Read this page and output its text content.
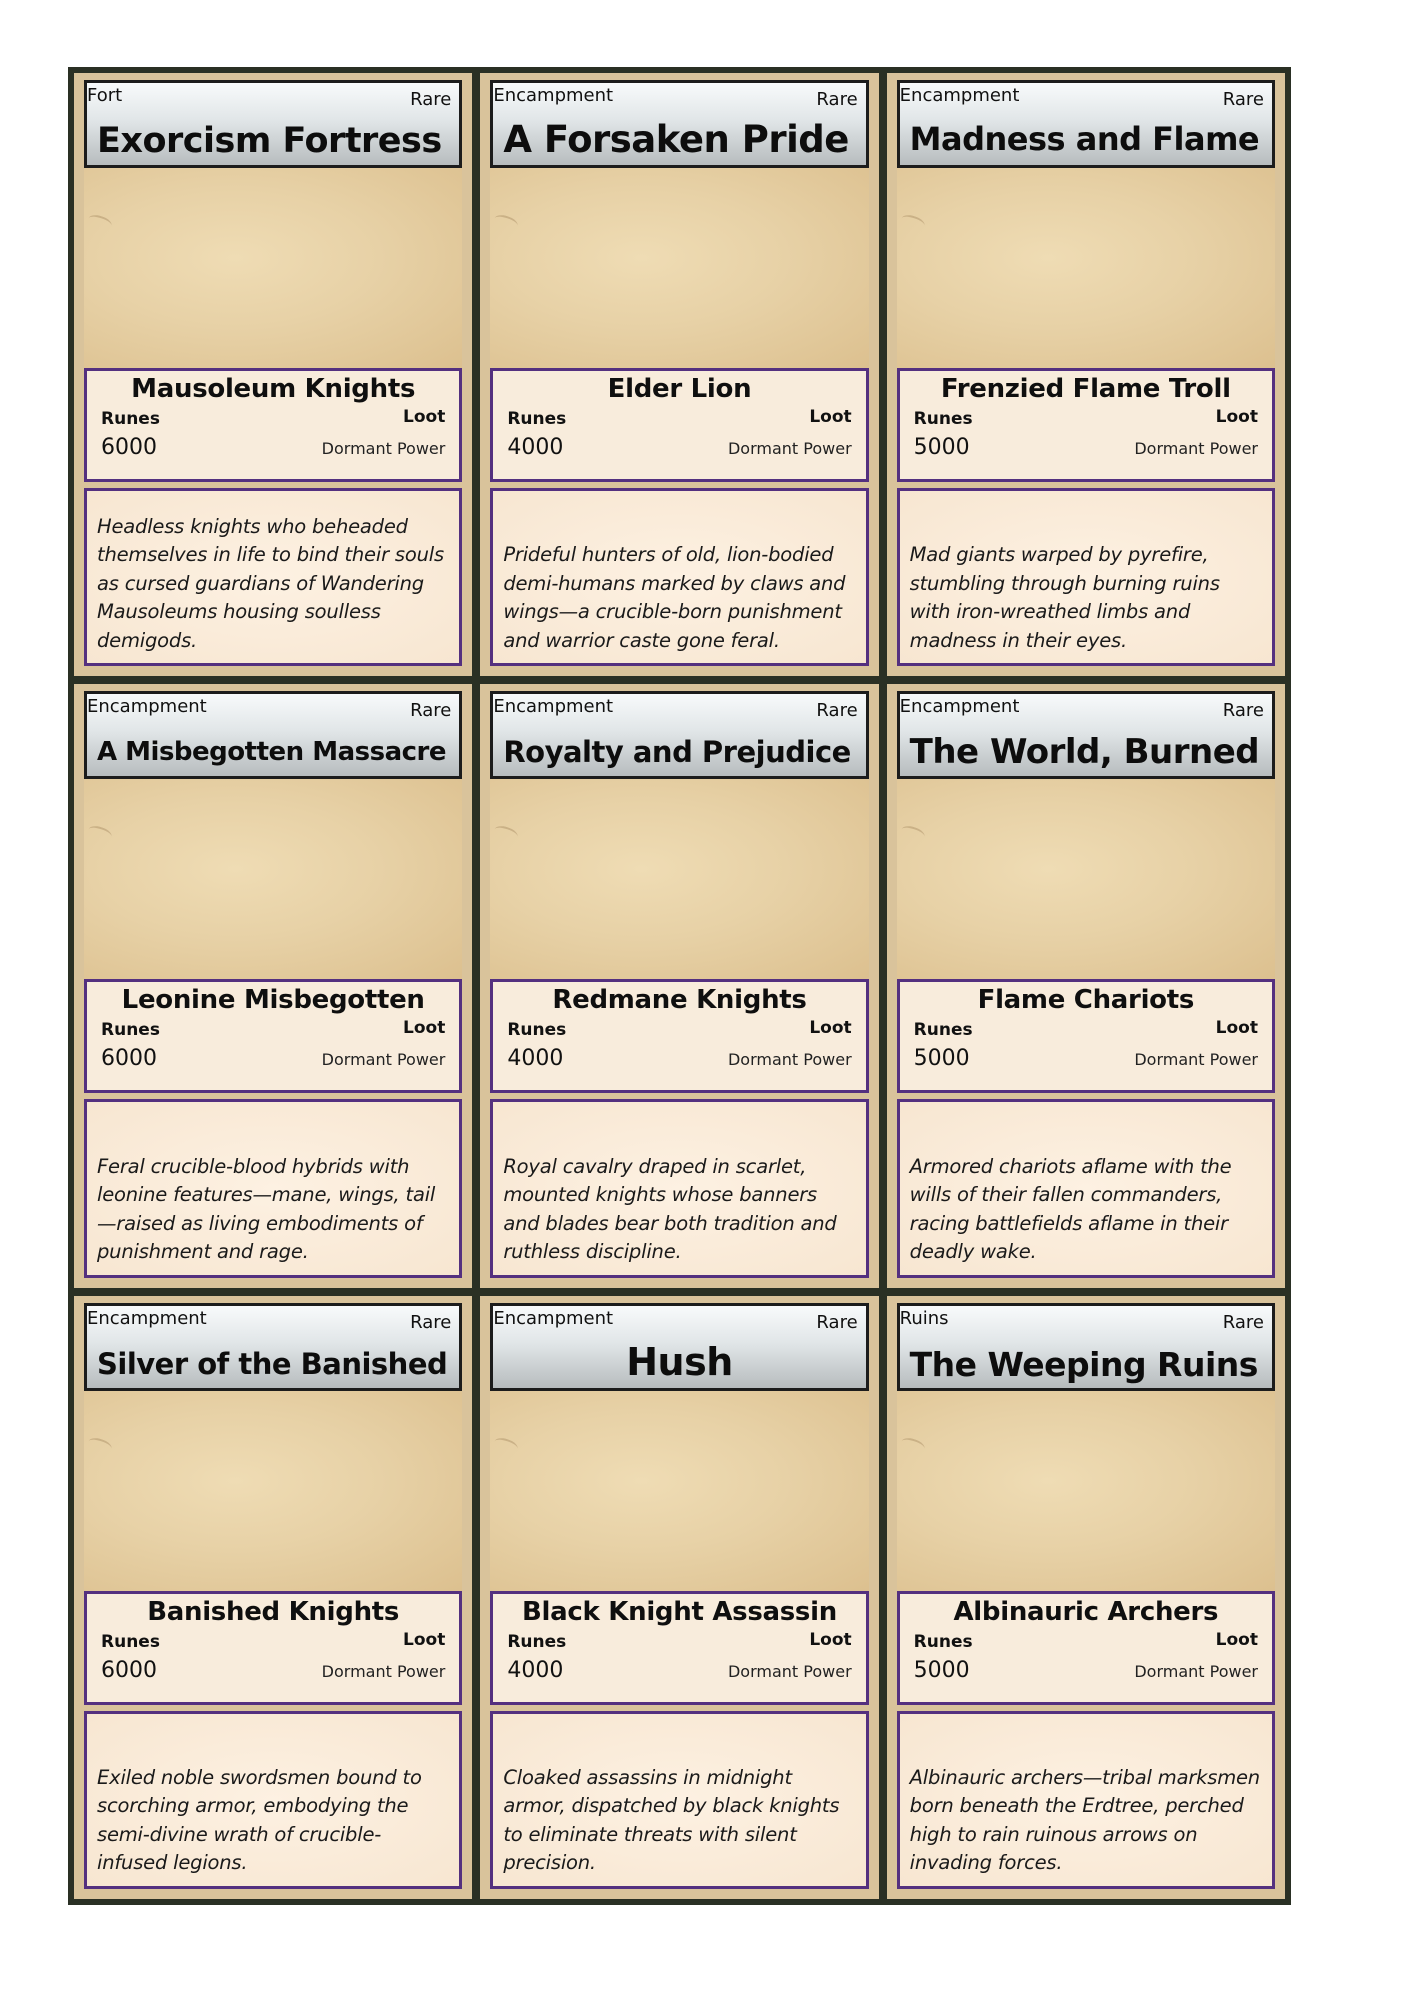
Fort	Rare
Exorcism Fortress
Mausoleum Knights
Runes	Loot
6000	Dormant Power
Headless knights who beheaded themselves in life to bind their souls as cursed guardians of Wandering Mausoleums housing soulless demigods.
Encampment	Rare
A Forsaken Pride
Elder Lion
Runes	Loot
4000	Dormant Power
Prideful hunters of old, lion-bodied demi-humans marked by claws and wings—a crucible-born punishment and warrior caste gone feral.
Encampment	Rare
Madness and Flame
Frenzied Flame Troll
Runes	Loot
5000	Dormant Power
Mad giants warped by pyrefire, stumbling through burning ruins with iron-wreathed limbs and madness in their eyes.
Encampment	Rare
A Misbegotten Massacre
Leonine Misbegotten
Runes	Loot
6000	Dormant Power
Feral crucible-blood hybrids with leonine features—mane, wings, tail—raised as living embodiments of punishment and rage.
Encampment	Rare
Royalty and Prejudice
Redmane Knights
Runes	Loot
4000	Dormant Power
Royal cavalry draped in scarlet, mounted knights whose banners and blades bear both tradition and ruthless discipline.
Encampment	Rare
The World, Burned
Flame Chariots
Runes	Loot
5000	Dormant Power
Armored chariots aflame with the wills of their fallen commanders, racing battlefields aflame in their deadly wake.
Encampment	Rare
Silver of the Banished
Banished Knights
Runes	Loot
6000	Dormant Power
Exiled noble swordsmen bound to scorching armor, embodying the semi-divine wrath of crucible-infused legions.
Encampment	Rare
Hush
Black Knight Assassin
Runes	Loot
4000	Dormant Power
Cloaked assassins in midnight armor, dispatched by black knights to eliminate threats with silent precision.
Ruins	Rare
The Weeping Ruins
Albinauric Archers
Runes	Loot
5000	Dormant Power
Albinauric archers—tribal marksmen born beneath the Erdtree, perched high to rain ruinous arrows on invading forces.
